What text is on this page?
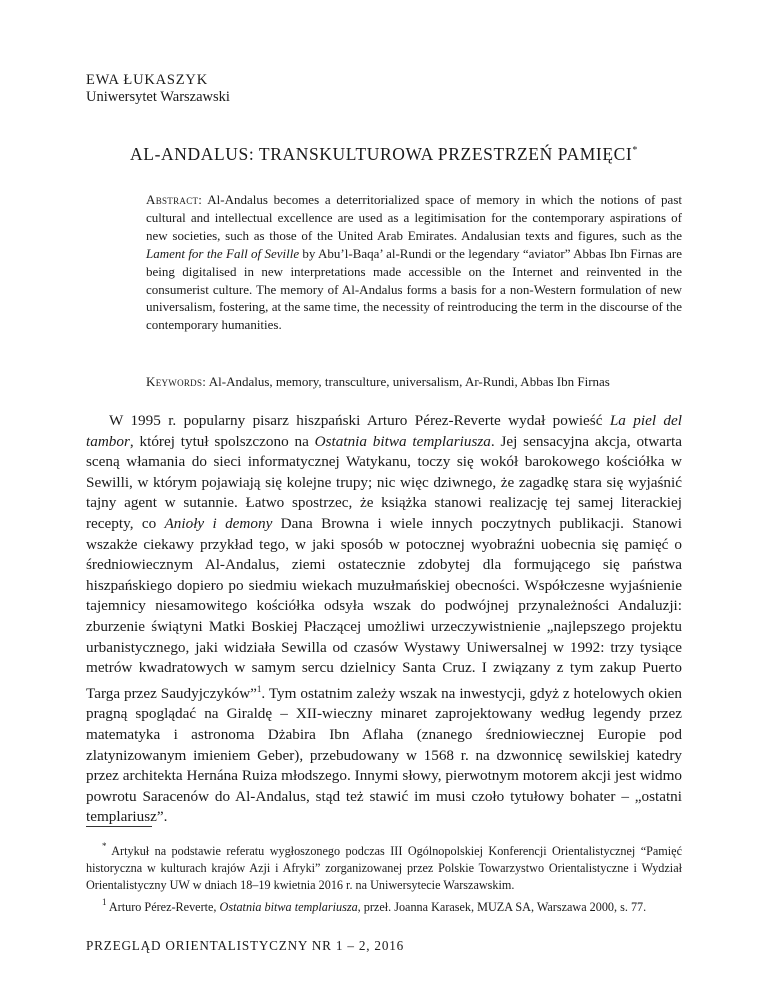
EWA ŁUKASZYK
Uniwersytet Warszawski
AL-ANDALUS: TRANSKULTUROWA PRZESTRZEŃ PAMIĘCI*

Abstract: Al-Andalus becomes a deterritorialized space of memory in which the notions of past cultural and intellectual excellence are used as a legitimisation for the contemporary aspirations of new societies, such as those of the United Arab Emirates. Andalusian texts and figures, such as the Lament for the Fall of Seville by Abu’l-Baqa’ al-Rundi or the legendary “aviator” Abbas Ibn Firnas are being digitalised in new interpretations made accessible on the Internet and reinvented in the consumerist culture. The memory of Al-Andalus forms a basis for a non-Western formulation of new universalism, fostering, at the same time, the necessity of reintroducing the term in the discourse of the contemporary humanities.

Keywords: Al-Andalus, memory, transculture, universalism, Ar-Rundi, Abbas Ibn Firnas

W 1995 r. popularny pisarz hiszpański Arturo Pérez-Reverte wydał powieść La piel del tambor, której tytuł spolszczono na Ostatnia bitwa templariusza. Jej sensacyjna akcja, otwarta sceną włamania do sieci informatycznej Watykanu, toczy się wokół barokowego kościółka w Sewilli, w którym pojawiają się kolejne trupy; nic więc dziwnego, że zagadkę stara się wyjaśnić tajny agent w sutannie. Łatwo spostrzec, że książka stanowi realizację tej samej literackiej recepty, co Anioły i demony Dana Browna i wiele innych poczytnych publikacji. Stanowi wszakże ciekawy przykład tego, w jaki sposób w potocznej wyobraźni uobecnia się pamięć o średniowiecznym Al-Andalus, ziemi ostatecznie zdobytej dla formującego się państwa hiszpańskiego dopiero po siedmiu wiekach muzułmańskiej obecności. Współczesne wyjaśnienie tajemnicy niesamowitego kościółka odsyła wszak do podwójnej przynależności Andaluzji: zburzenie świątyni Matki Boskiej Płaczącej umożliwi urzeczywistnienie „najlepszego projektu urbanistycznego, jaki widziała Sewilla od czasów Wystawy Uniwersalnej w 1992: trzy tysiące metrów kwadratowych w samym sercu dzielnicy Santa Cruz. I związany z tym zakup Puerto Targa przez Saudyjczyków”$^1$. Tym ostatnim zależy wszak na inwestycji, gdyż z hotelowych okien pragną spoglądać na Giraldę – XII-wieczny minaret zaprojektowany według legendy przez matematyka i astronoma Dżabira Ibn Aflaha (znanego średniowiecznej Europie pod zlatynizowanym imieniem Geber), przebudowany w 1568 r. na dzwonnicę sewilskiej katedry przez architekta Hernána Ruiza młodszego. Innymi słowy, pierwotnym motorem akcji jest widmo powrotu Saracenów do Al-Andalus, stąd też stawić im musi czoło tytułowy bohater – „ostatni templariusz”.

* Artykuł na podstawie referatu wygłoszonego podczas III Ogólnopolskiej Konferencji Orientalistycznej “Pamięć historyczna w kulturach krajów Azji i Afryki” zorganizowanej przez Polskie Towarzystwo Orientalistyczne i Wydział Orientalistyczny UW w dniach 18–19 kwietnia 2016 r. na Uniwersytecie Warszawskim.

$^1$ Arturo Pérez-Reverte, Ostatnia bitwa templariusza, przeł. Joanna Karasek, MUZA SA, Warszawa 2000, s. 77.

PRZEGLĄD ORIENTALISTYCZNY NR 1 – 2, 2016
